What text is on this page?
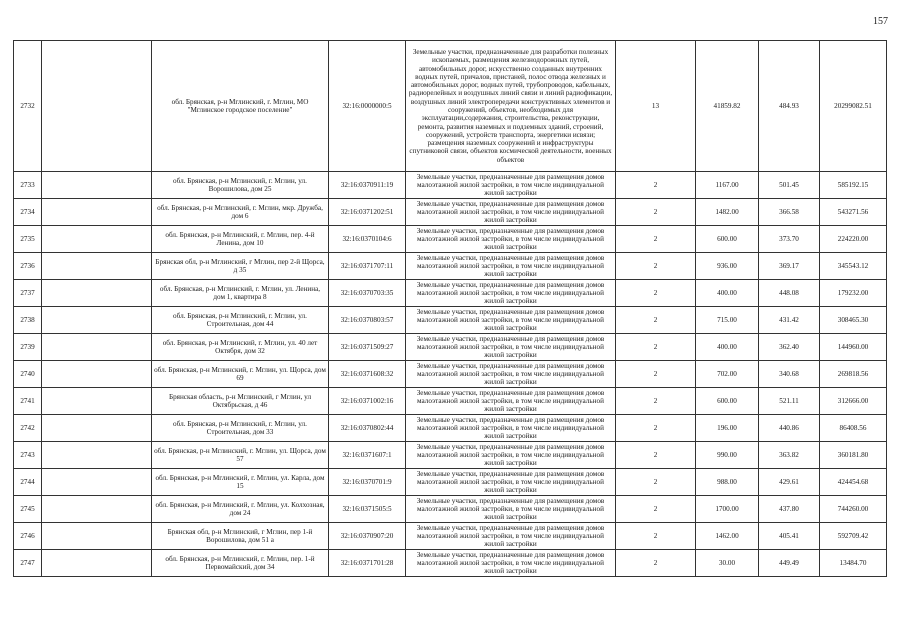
157
2732		обл. Брянская, р-н Мглинский, г. Мглин, МО "Мглинское городское поселение"	32:16:0000000:5	Земельные участки, предназначенные для разработки полезных ископаемых, размещения железнодорожных путей, автомобильных дорог, искусственно созданных внутренних водных путей, причалов, пристаней, полос отвода железных и автомобильных дорог, водных путей, трубопроводов, кабельных, радиорелейных и воздушных линий связи и линий радиофикации, воздушных линий электропередачи конструктивных элементов и сооружений, объектов, необходимых для эксплуатации,содержания, строительства, реконструкции, ремонта, развития наземных и подземных зданий, строений, сооружений, устройств транспорта, энергетики исвязи; размещения наземных сооружений и инфраструктуры спутниковой связи, объектов космической деятельности, военных объектов	13	41859.82	484.93	20299082.51
2733		обл. Брянская, р-н Мглинский, г. Мглин, ул. Ворошилова, дом 25	32:16:0370911:19	Земельные участки, предназначенные для размещения домов малоэтажной жилой застройки, в том числе индивидуальной жилой застройки	2	1167.00	501.45	585192.15
2734		обл. Брянская, р-н Мглинский, г. Мглин, мкр. Дружба, дом 6	32:16:0371202:51	Земельные участки, предназначенные для размещения домов малоэтажной жилой застройки, в том числе индивидуальной жилой застройки	2	1482.00	366.58	543271.56
2735		обл. Брянская, р-н Мглинский, г. Мглин, пер. 4-й Ленина, дом 10	32:16:0370104:6	Земельные участки, предназначенные для размещения домов малоэтажной жилой застройки, в том числе индивидуальной жилой застройки	2	600.00	373.70	224220.00
2736		Брянская обл, р-н Мглинский, г Мглин, пер 2-й Щорса, д 35	32:16:0371707:11	Земельные участки, предназначенные для размещения домов малоэтажной жилой застройки, в том числе индивидуальной жилой застройки	2	936.00	369.17	345543.12
2737		обл. Брянская, р-н Мглинский, г. Мглин, ул. Ленина, дом 1, квартира 8	32:16:0370703:35	Земельные участки, предназначенные для размещения домов малоэтажной жилой застройки, в том числе индивидуальной жилой застройки	2	400.00	448.08	179232.00
2738		обл. Брянская, р-н Мглинский, г. Мглин, ул. Строительная, дом 44	32:16:0370803:57	Земельные участки, предназначенные для размещения домов малоэтажной жилой застройки, в том числе индивидуальной жилой застройки	2	715.00	431.42	308465.30
2739		обл. Брянская, р-н Мглинский, г. Мглин, ул. 40 лет Октября, дом 32	32:16:0371509:27	Земельные участки, предназначенные для размещения домов малоэтажной жилой застройки, в том числе индивидуальной жилой застройки	2	400.00	362.40	144960.00
2740		обл. Брянская, р-н Мглинский, г. Мглин, ул. Щорса, дом 69	32:16:0371608:32	Земельные участки, предназначенные для размещения домов малоэтажной жилой застройки, в том числе индивидуальной жилой застройки	2	702.00	340.68	269818.56
2741		Брянская область, р-н Мглинский, г Мглин, ул Октябрьская, д 46	32:16:0371002:16	Земельные участки, предназначенные для размещения домов малоэтажной жилой застройки, в том числе индивидуальной жилой застройки	2	600.00	521.11	312666.00
2742		обл. Брянская, р-н Мглинский, г. Мглин, ул. Строительная, дом 33	32:16:0370802:44	Земельные участки, предназначенные для размещения домов малоэтажной жилой застройки, в том числе индивидуальной жилой застройки	2	196.00	440.86	86408.56
2743		обл. Брянская, р-н Мглинский, г. Мглин, ул. Щорса, дом 57	32:16:0371607:1	Земельные участки, предназначенные для размещения домов малоэтажной жилой застройки, в том числе индивидуальной жилой застройки	2	990.00	363.82	360181.80
2744		обл. Брянская, р-н Мглинский, г. Мглин, ул. Карла, дом 15	32:16:0370701:9	Земельные участки, предназначенные для размещения домов малоэтажной жилой застройки, в том числе индивидуальной жилой застройки	2	988.00	429.61	424454.68
2745		обл. Брянская, р-н Мглинский, г. Мглин, ул. Колхозная, дом 24	32:16:0371505:5	Земельные участки, предназначенные для размещения домов малоэтажной жилой застройки, в том числе индивидуальной жилой застройки	2	1700.00	437.80	744260.00
2746		Брянская обл, р-н Мглинский, г Мглин, пер 1-й Ворошилова, дом 51 а	32:16:0370907:20	Земельные участки, предназначенные для размещения домов малоэтажной жилой застройки, в том числе индивидуальной жилой застройки	2	1462.00	405.41	592709.42
2747		обл. Брянская, р-н Мглинский, г. Мглин, пер. 1-й Первомайский, дом 34	32:16:0371701:28	Земельные участки, предназначенные для размещения домов малоэтажной жилой застройки, в том числе индивидуальной жилой застройки	2	30.00	449.49	13484.70
